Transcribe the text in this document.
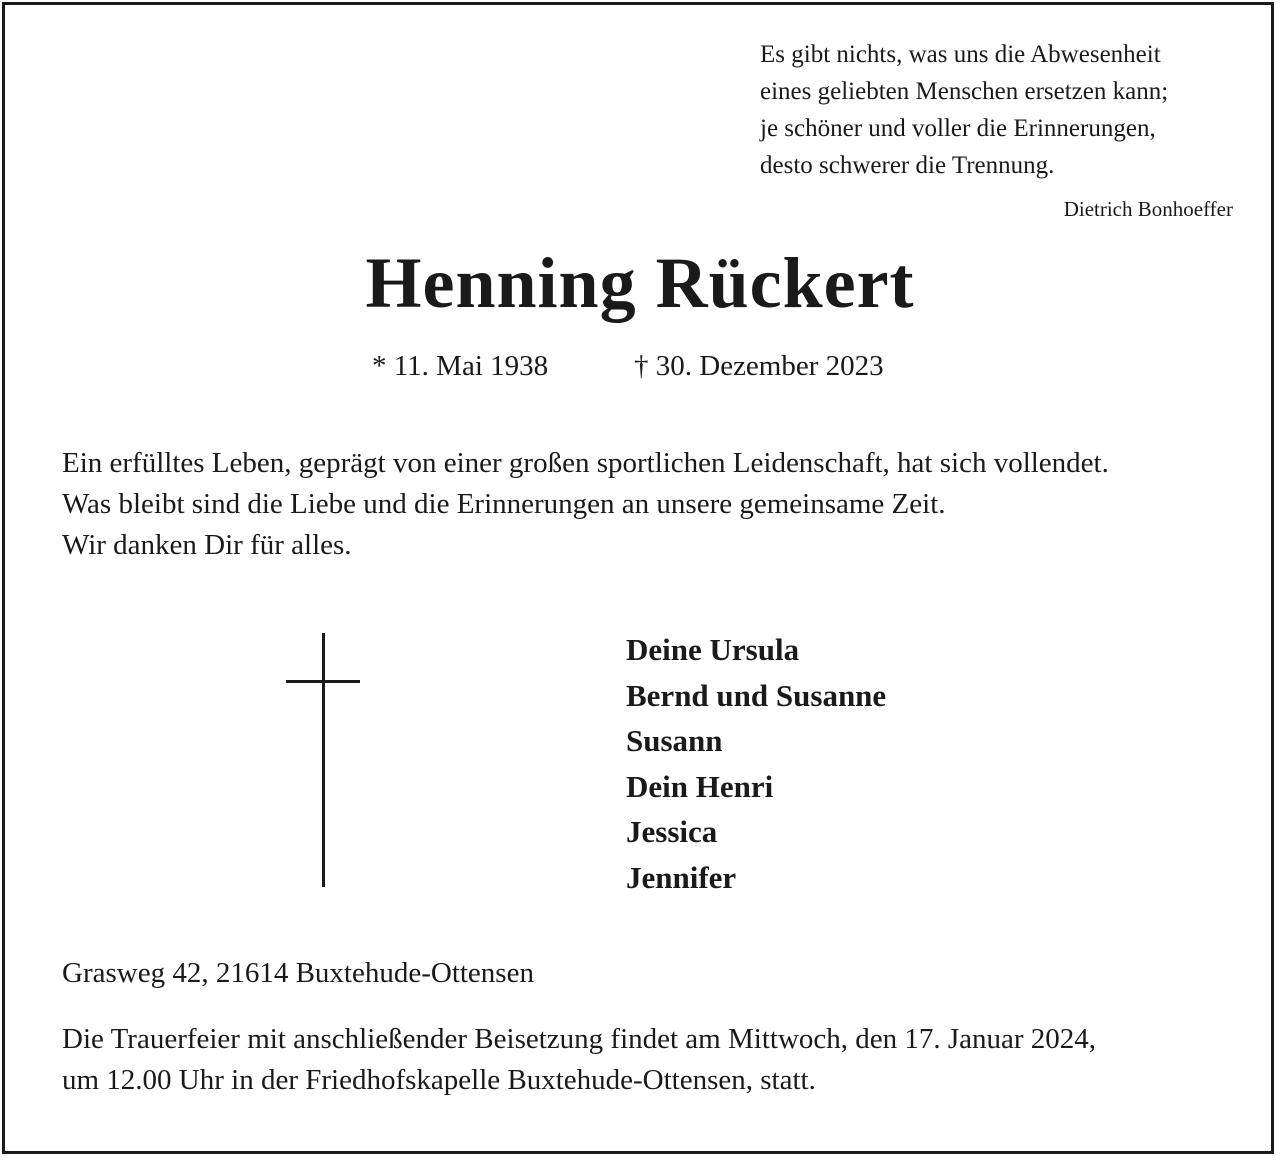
Es gibt nichts, was uns die Abwesenheit
eines geliebten Menschen ersetzen kann;
je schöner und voller die Erinnerungen,
desto schwerer die Trennung.
Dietrich Bonhoeffer
Henning Rückert
* 11. Mai 1938	† 30. Dezember 2023
Ein erfülltes Leben, geprägt von einer großen sportlichen Leidenschaft, hat sich vollendet.
Was bleibt sind die Liebe und die Erinnerungen an unsere gemeinsame Zeit.
Wir danken Dir für alles.
Deine Ursula
Bernd und Susanne
Susann
Dein Henri
Jessica
Jennifer
Grasweg 42, 21614 Buxtehude-Ottensen
Die Trauerfeier mit anschließender Beisetzung findet am Mittwoch, den 17. Januar 2024,
um 12.00 Uhr in der Friedhofskapelle Buxtehude-Ottensen, statt.
